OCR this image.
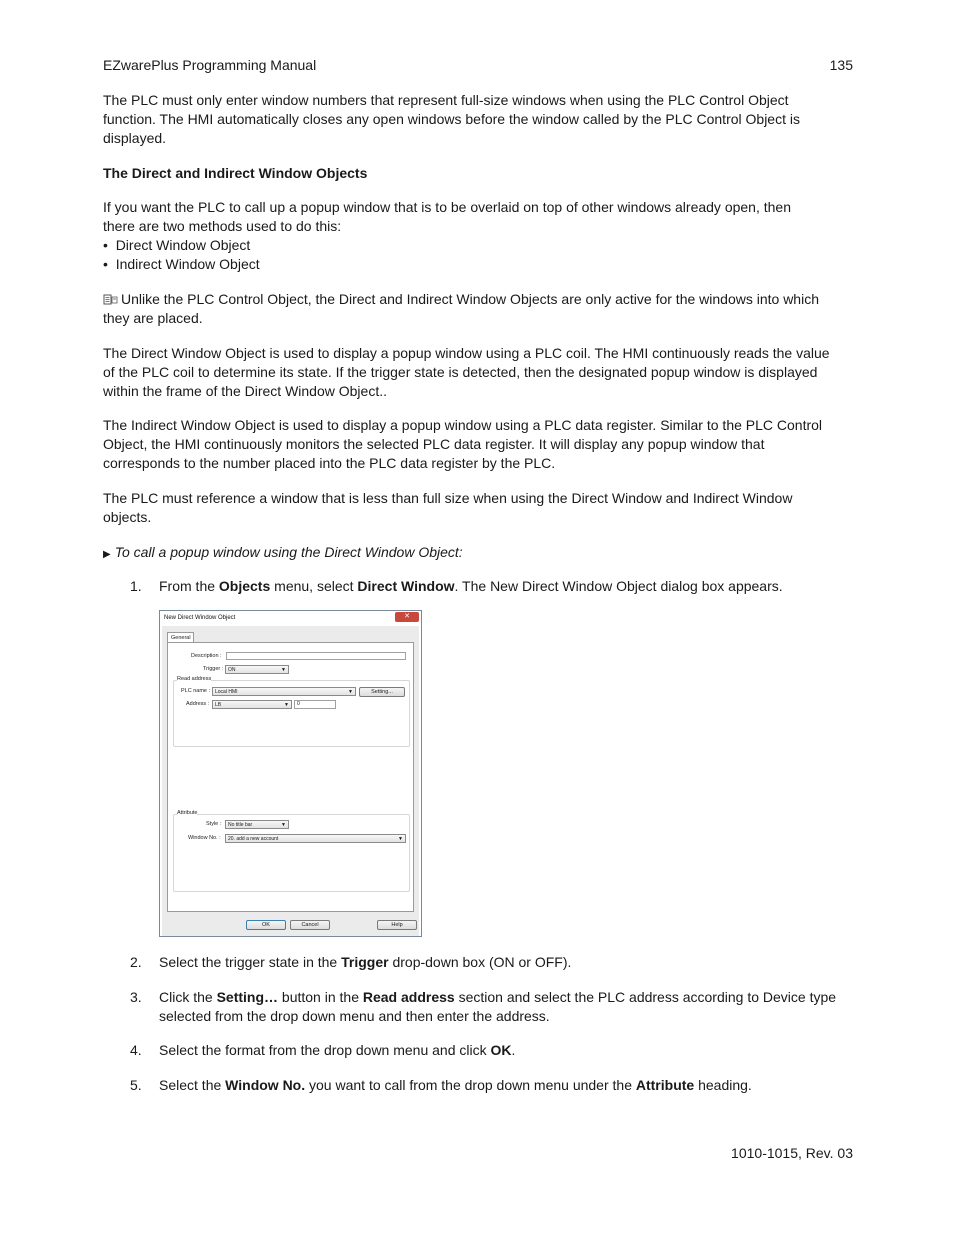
EZwarePlus Programming Manual	135
The PLC must only enter window numbers that represent full-size windows when using the PLC Control Object
function. The HMI automatically closes any open windows before the window called by the PLC Control Object is
displayed.
The Direct and Indirect Window Objects
If you want the PLC to call up a popup window that is to be overlaid on top of other windows already open, then
there are two methods used to do this:
•  Direct Window Object
•  Indirect Window Object
Unlike the PLC Control Object, the Direct and Indirect Window Objects are only active for the windows into which
they are placed.
The Direct Window Object is used to display a popup window using a PLC coil. The HMI continuously reads the value
of the PLC coil to determine its state. If the trigger state is detected, then the designated popup window is displayed
within the frame of the Direct Window Object..
The Indirect Window Object is used to display a popup window using a PLC data register. Similar to the PLC Control
Object, the HMI continuously monitors the selected PLC data register. It will display any popup window that
corresponds to the number placed into the PLC data register by the PLC.
The PLC must reference a window that is less than full size when using the Direct Window and Indirect Window
objects.
▶ To call a popup window using the Direct Window Object:
1. From the Objects menu, select Direct Window. The New Direct Window Object dialog box appears.
New Direct Window Object	✕
General
Description :
Trigger : ON	▼
Read address
PLC name : Local HMI	▼	Setting...
Address :	LB	▼	0
Attribute
Style :	No title bar	▼
Window No. :	20. add a new account	▼
OK	Cancel	Help
2. Select the trigger state in the Trigger drop-down box (ON or OFF).
3. Click the Setting… button in the Read address section and select the PLC address according to Device type
selected from the drop down menu and then enter the address.
4. Select the format from the drop down menu and click OK.
5. Select the Window No. you want to call from the drop down menu under the Attribute heading.
1010-1015, Rev. 03
